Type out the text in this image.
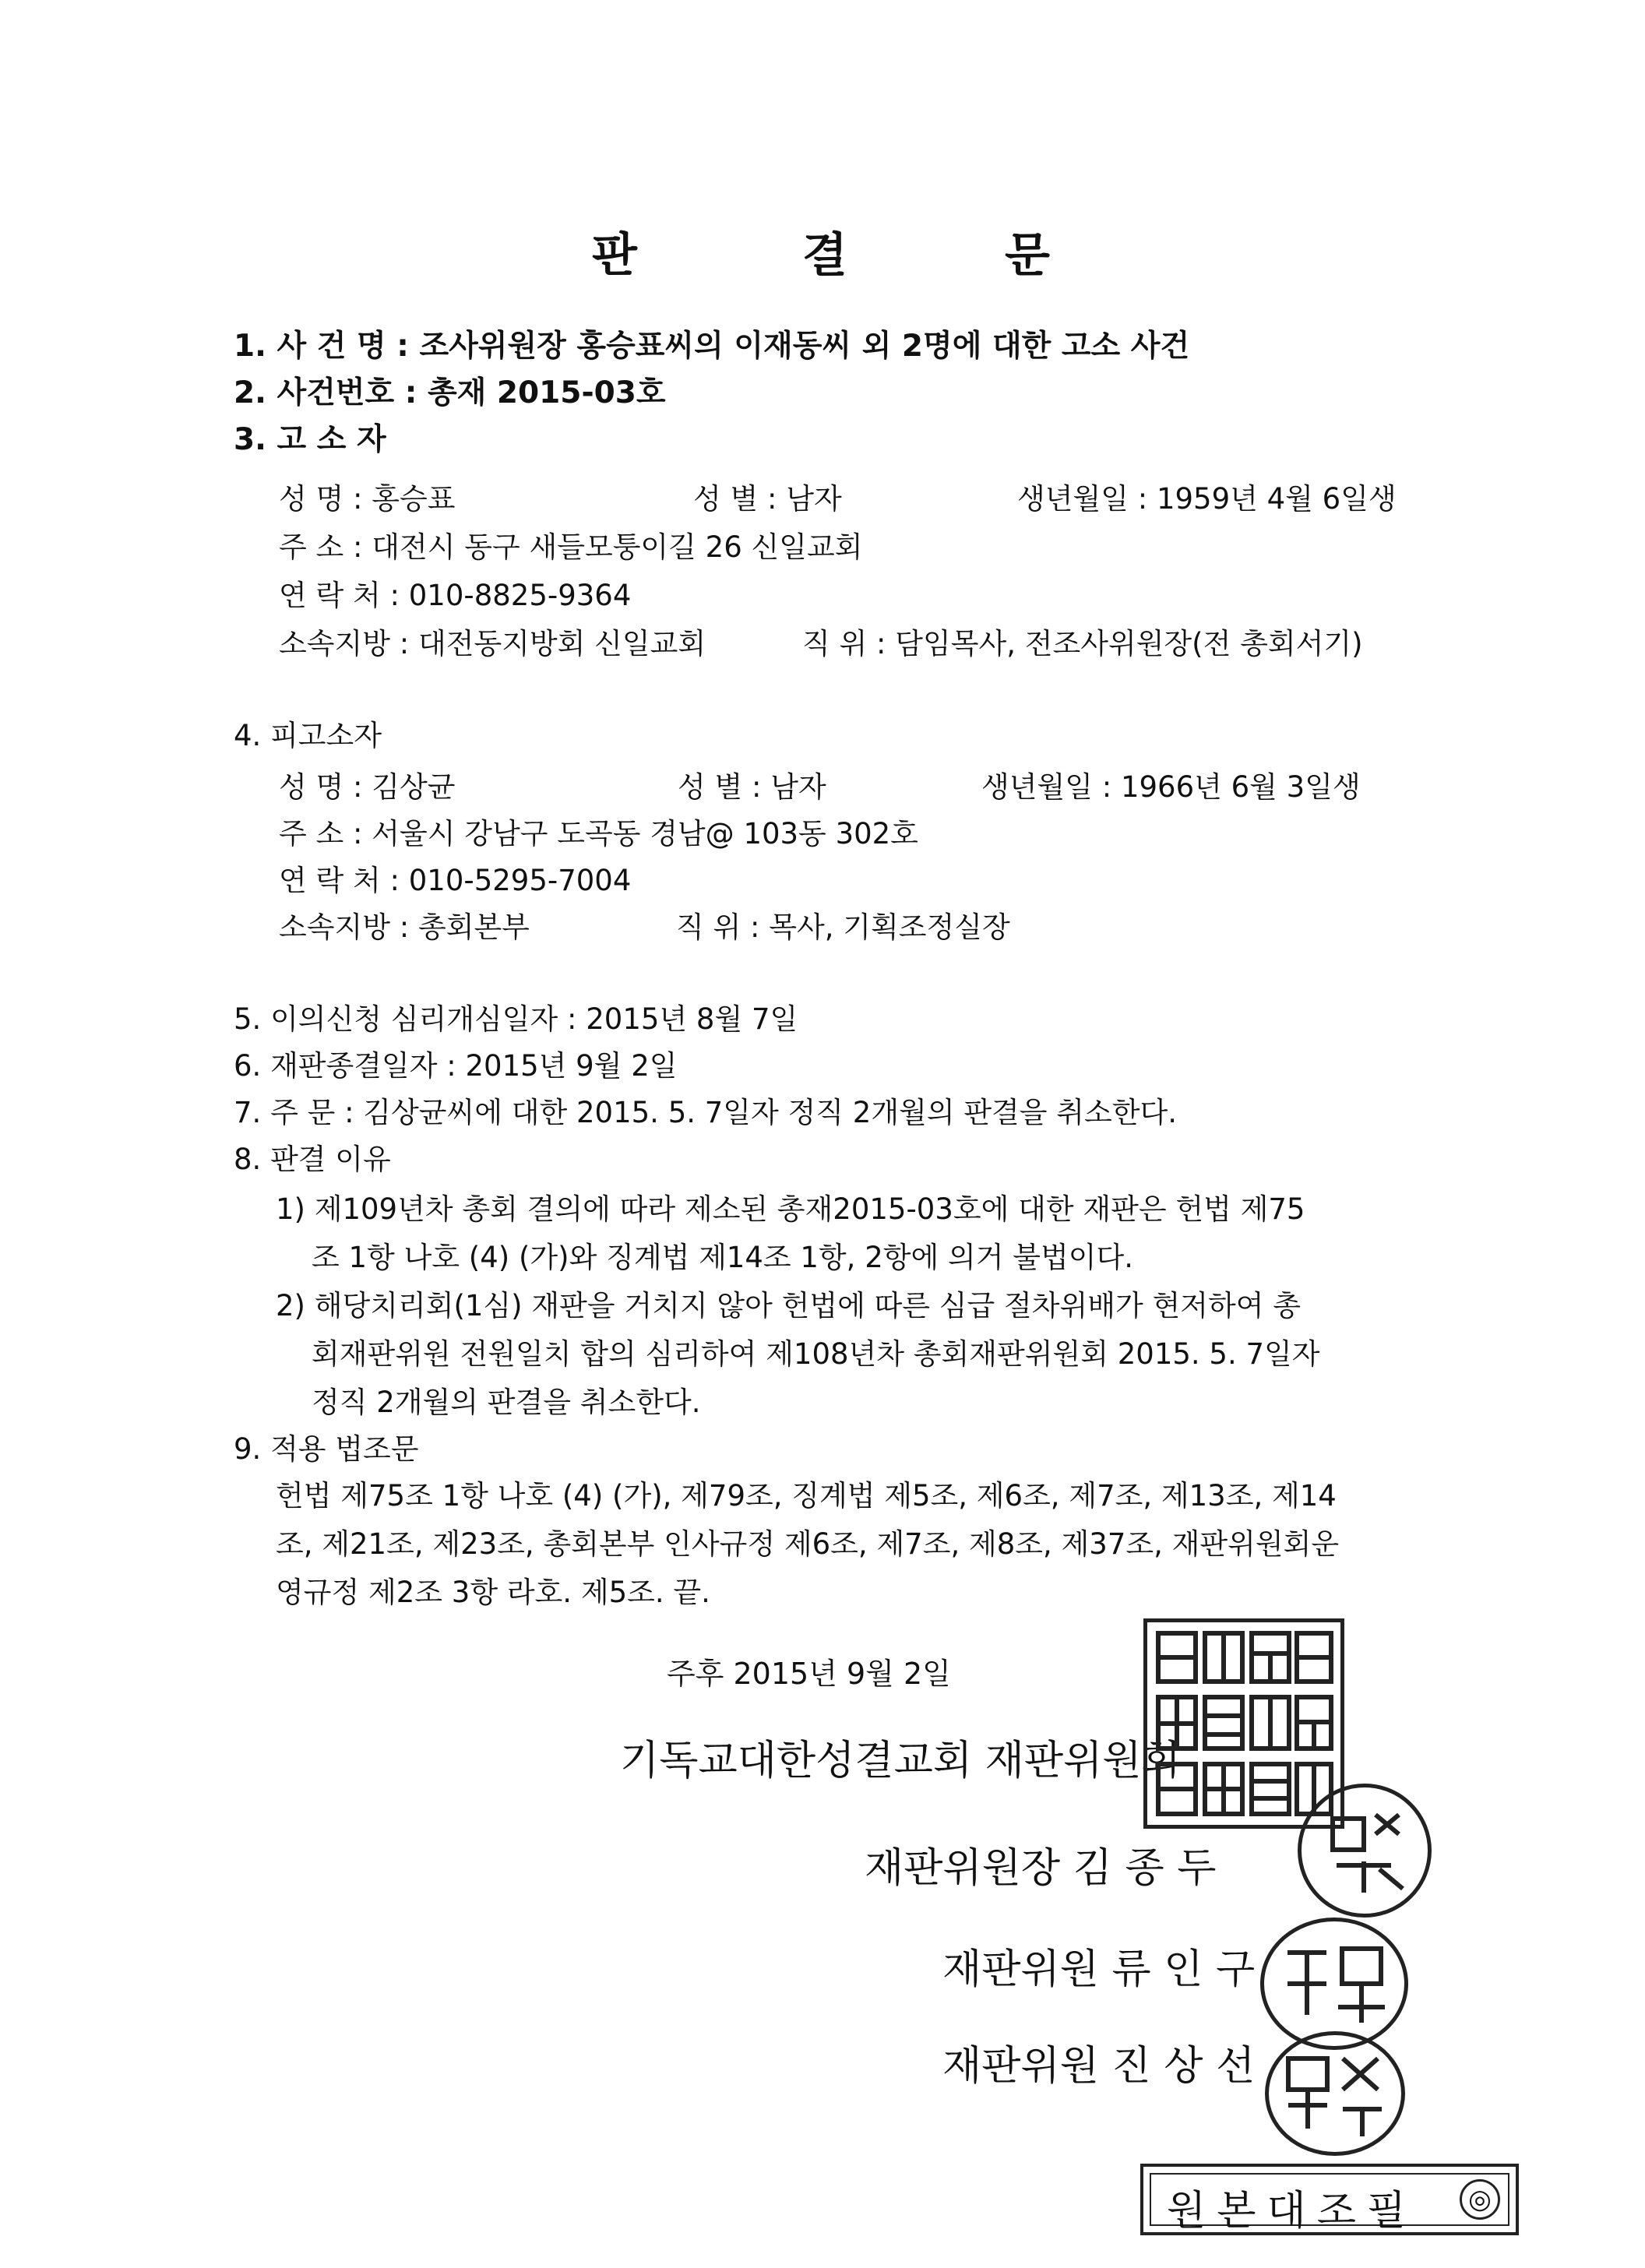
판	결	문
1. 사 건 명 : 조사위원장 홍승표씨의 이재동씨 외 2명에 대한 고소 사건
2. 사건번호 : 총재 2015-03호
3. 고 소 자
성 명 : 홍승표	성 별 : 남자	생년월일 : 1959년 4월 6일생
주 소 : 대전시 동구 새들모퉁이길 26 신일교회
연 락 처 : 010-8825-9364
소속지방 : 대전동지방회 신일교회	직 위 : 담임목사, 전조사위원장(전 총회서기)
4. 피고소자
성 명 : 김상균	성 별 : 남자	생년월일 : 1966년 6월 3일생
주 소 : 서울시 강남구 도곡동 경남@ 103동 302호
연 락 처 : 010-5295-7004
소속지방 : 총회본부	직 위 : 목사, 기획조정실장
5. 이의신청 심리개심일자 : 2015년 8월 7일
6. 재판종결일자 : 2015년 9월 2일
7. 주 문 : 김상균씨에 대한 2015. 5. 7일자 정직 2개월의 판결을 취소한다.
8. 판결 이유
1) 제109년차 총회 결의에 따라 제소된 총재2015-03호에 대한 재판은 헌법 제75
조 1항 나호 (4) (가)와 징계법 제14조 1항, 2항에 의거 불법이다.
2) 해당치리회(1심) 재판을 거치지 않아 헌법에 따른 심급 절차위배가 현저하여 총
회재판위원 전원일치 합의 심리하여 제108년차 총회재판위원회 2015. 5. 7일자
정직 2개월의 판결을 취소한다.
9. 적용 법조문
헌법 제75조 1항 나호 (4) (가), 제79조, 징계법 제5조, 제6조, 제7조, 제13조, 제14
조, 제21조, 제23조, 총회본부 인사규정 제6조, 제7조, 제8조, 제37조, 재판위원회운
영규정 제2조 3항 라호. 제5조. 끝.
주후 2015년 9월 2일
기독교대한성결교회 재판위원회
재판위원장 김 종 두
재판위원 류 인 구
재판위원 진 상 선
원본대조필	◎
